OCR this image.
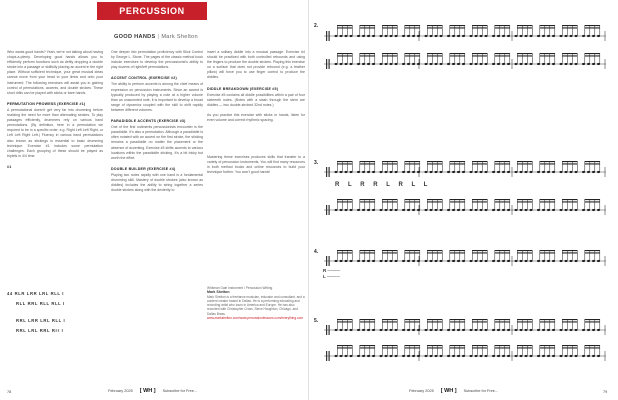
PERCUSSION
GOOD HANDS | Mark Shelton

Who wants good hands? Yeah, we're not talking about having chops-a-plenty. Developing good hands allows you to efficiently perform functions such as deftly dropping a double stroke into a passage or skillfully placing an accent in the right place. Without sufficient technique, your great musical ideas cannot move from your head to your limbs and onto your instrument. The following exercises will assist you in gaining control of permutations, accents, and double strokes. These short drills can be played with sticks or bare hands.

PERMUTATION PROWESS (EXERCISE #1)

A permutational doesn't get very far into drumming before realizing the need for more than alternating strokes. To play passages efficiently, drummers rely on various hand permutations. (By definition, here in a permutation we required to be in a specific order, e.g. Right Left Left Right, or Left Left Right Left.) Fluency in various hand permutations also known as stickings is essential to basic drumming technique. Exercise #1 includes some permutation challenges. Each grouping of these should be played as triplets in 4/4 time.

#1
44 RLR LRR LRL RLL I
RLL RRL RLL RLL I
RRL LRR LRL RLL I
RRL LRL RRL Rrr I

One deeper into permutation proficiency with Stick Control by George L. Stone. The pages of the classic method book include exercises to develop the percussionist's ability to play dozens of right/left permutations.

ACCENT CONTROL (EXERCISE #2)

The ability to perform accents is among the chief means of expression on percussion instruments. Since an accent is typically produced by playing a note at a higher volume than an unaccented note, it is important to develop a broad range of dynamics coupled with the skill to shift rapidly between different volumes.

PARADIDDLE ACCENTS (EXERCISE #3)

One of the first rudiments percussionists encounter is the paradiddle. It's also a permutation. Although a paradiddle is often notated with an accent on the first stroke, the sticking remains a paradiddle no matter the placement or the absence of accenting. Exercise #3 shifts accents to various locations within the paradiddle sticking. It's a bit tricky but worth the effort.

DOUBLE BUILDER (EXERCISE #4)

Playing two notes rapidly with one hand is a fundamental drumming skill. Mastery of double strokes (also known as diddles) includes the ability to string together a series double strokes along with the dexterity to

insert a solitary diddle into a musical passage. Exercise #4 should be practiced with both controlled rebounds and using the fingers to produce the double strokes. Playing this exercise on a surface that does not provide rebound (e.g. a feather pillow) will force you to use finger control to produce the diddles.

DIDDLE BREAKDOWN (EXERCISE #5)

Exercise #5 contains all diddle possibilities within a pair of four sixteenth notes. (Notes with a slash through the stem are diddles — two double-stroked 32nd notes.)

As you practice this exercise with sticks or hands, listen for even volume and correct rhythmic spacing.

Mastering these exercises produces skills that transfer to a variety of percussion instruments. You will find many resources in both method books and online resources to build your technique further. You won't good hands!

Whitman Gale Instrument / Percussion Writing
Mark Shelton
Mark Shelton is a freelance musician, educator and consultant, and a content creator based in Dallas. He is a performing educating and recording artist who tours in America and Europe. He has also recorded with Christopher Cross, Steve Houghton, Chicago, and Dallas Brass.
www.markshelton.com/www.percussionlessons.com/everything.com
78	February 2025 [ WH ] Subscribe for Free...	79
February 2025 [ WH ] Subscribe for Free...
2.
3.
R L R R L R L L
4.
R ────
L ────
5.
